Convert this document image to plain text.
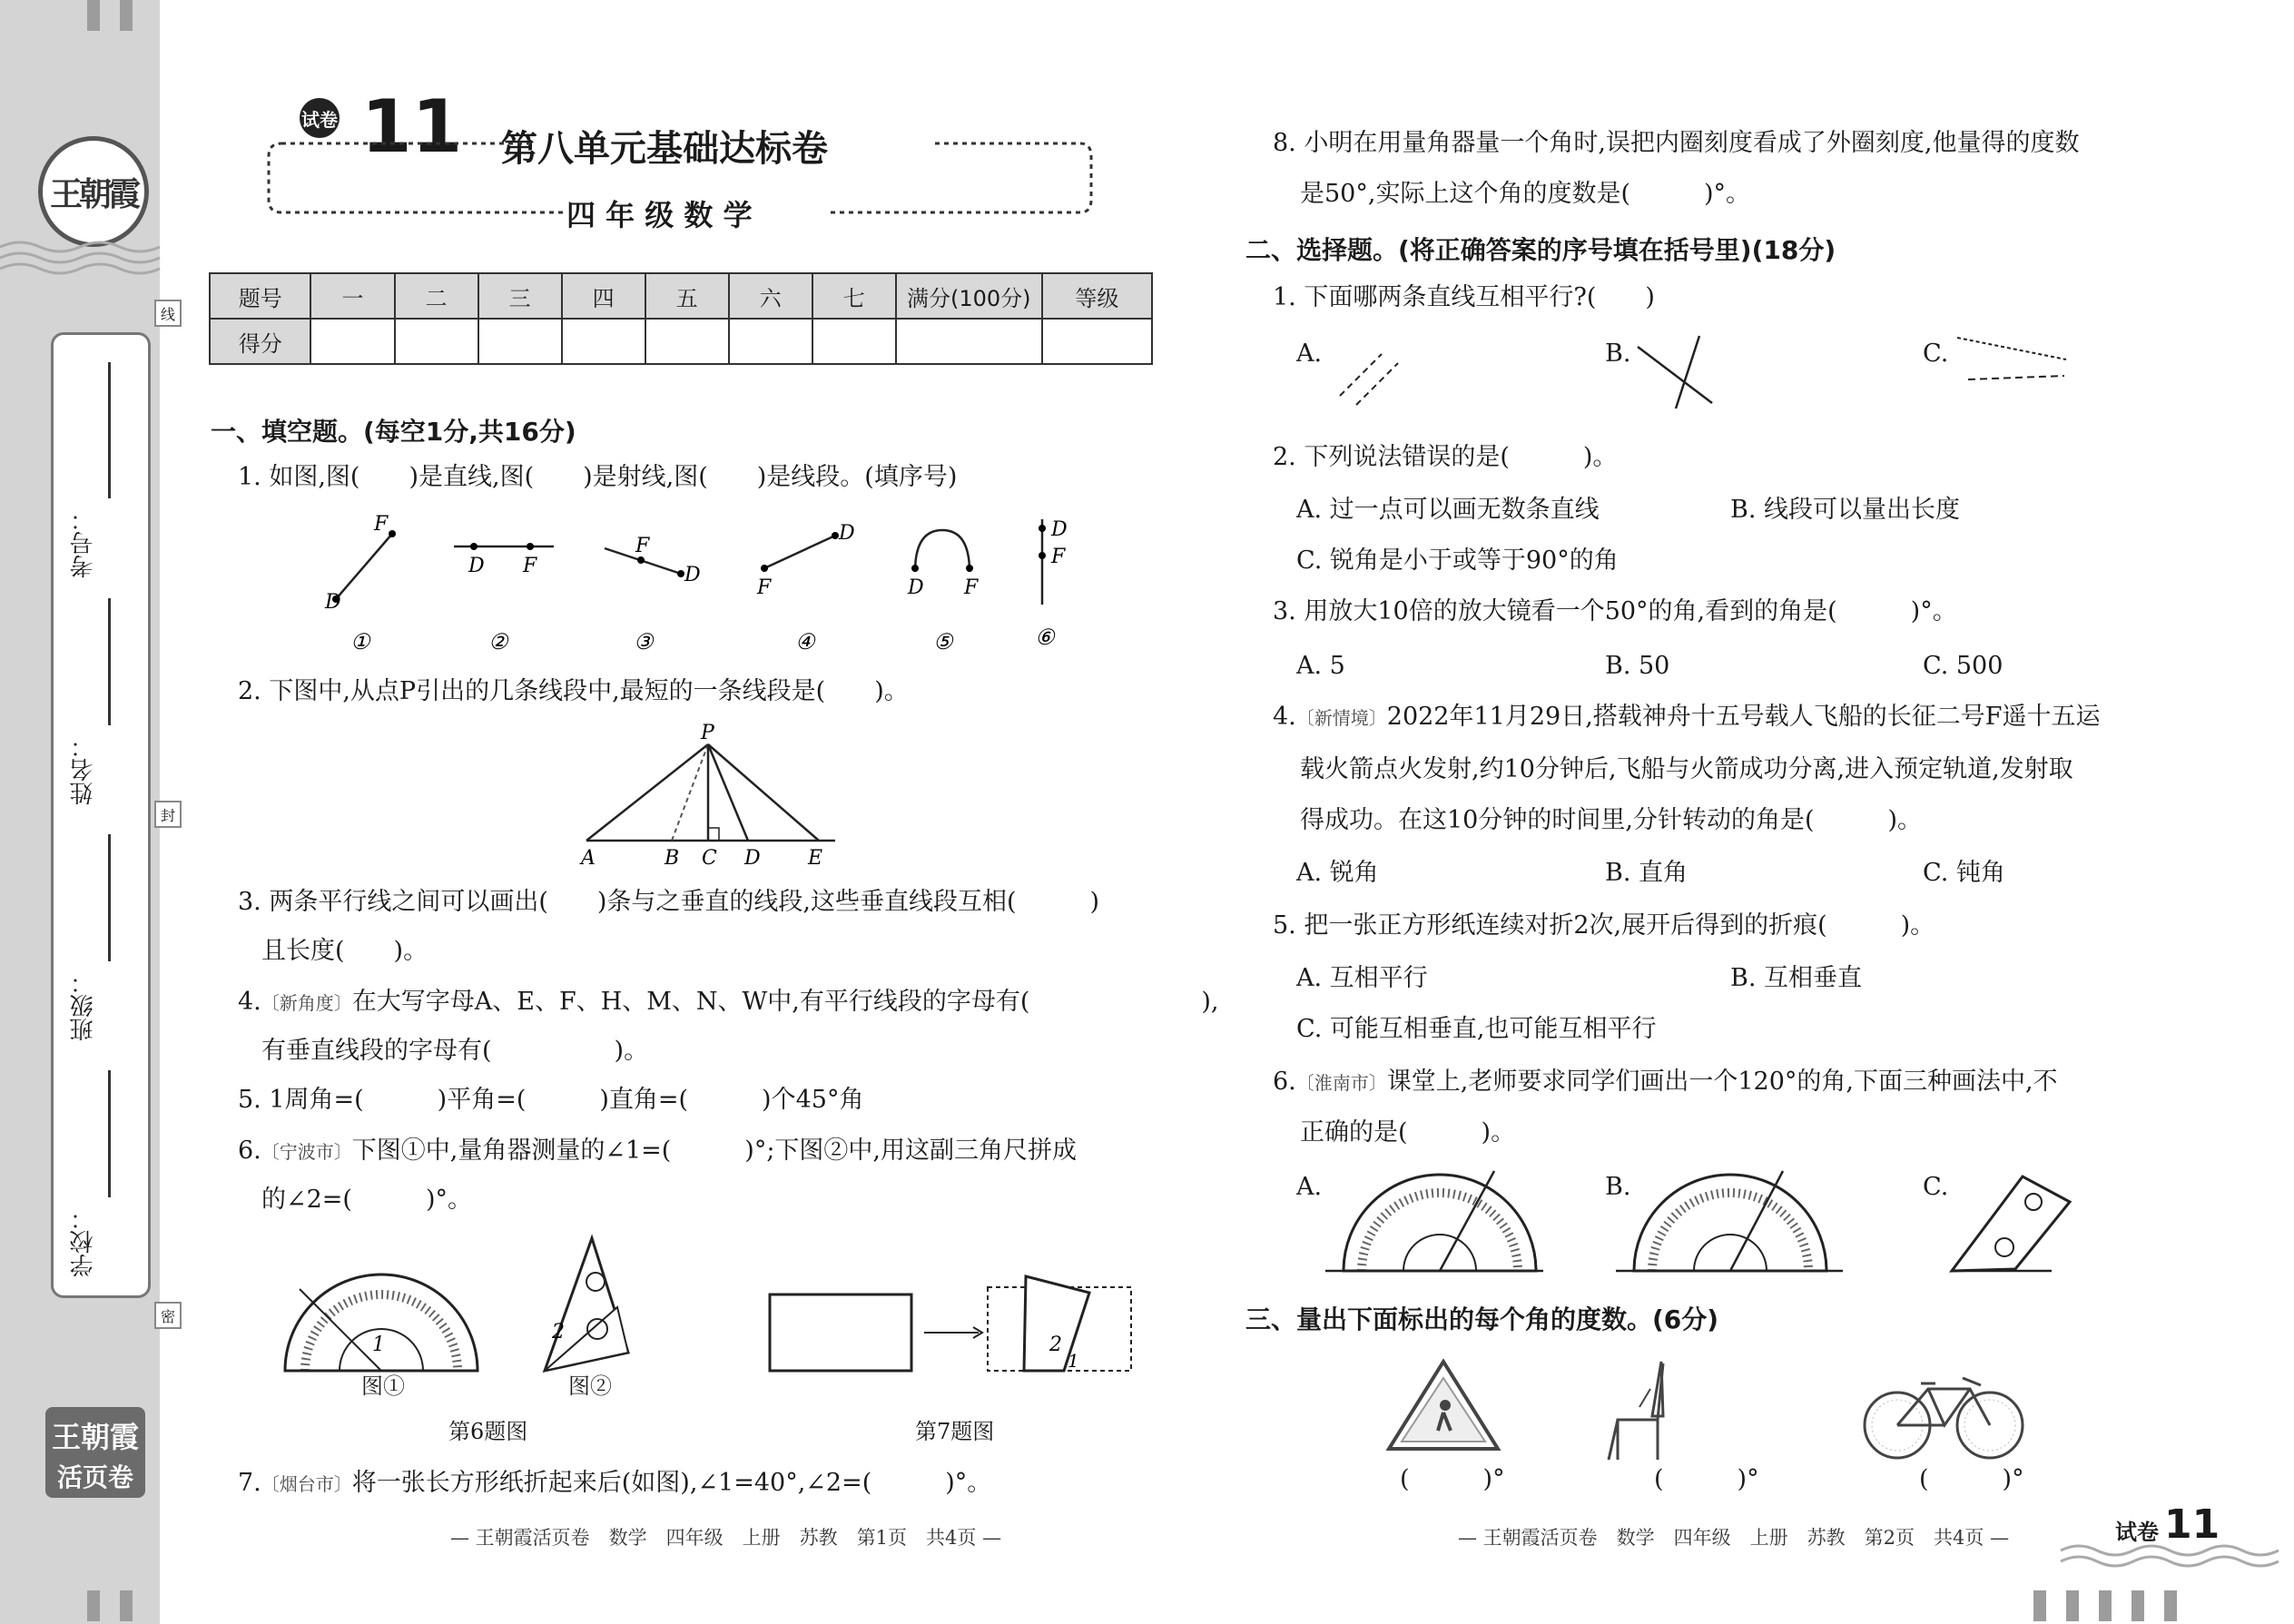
王朝霞
考号：
姓名：
班级：
学校：
线
封
密
王朝霞
活页卷
试卷 11 第八单元基础达标卷
四 年 级 数 学
题号	一	二	三	四	五	六	七	满分(100分)	等级
得分									
一、填空题。(每空1分,共16分)
1. 如图,图(　　)是直线,图(　　)是射线,图(　　)是线段。(填序号)
D
F
D F
F
D
F
D
D F
D
F
①	②	③	④	⑤	⑥
2. 下图中,从点P引出的几条线段中,最短的一条线段是(　　)。
P
A	B C D E
3. 两条平行线之间可以画出(　　)条与之垂直的线段,这些垂直线段互相(　　　)
且长度(　　)。
4.〔新角度〕在大写字母A、E、F、H、M、N、W中,有平行线段的字母有(　　　　　　　),
有垂直线段的字母有(　　　　　)。
5. 1周角=(　　　)平角=(　　　)直角=(　　　)个45°角
6.〔宁波市〕下图①中,量角器测量的∠1=(　　　)°;下图②中,用这副三角尺拼成
的∠2=(　　　)°。
1
2
2
1
图①	图②
第6题图	第7题图
7.〔烟台市〕将一张长方形纸折起来后(如图),∠1=40°,∠2=(　　　)°。
— 王朝霞活页卷　数学　四年级　上册　苏教　第1页　共4页 —
8. 小明在用量角器量一个角时,误把内圈刻度看成了外圈刻度,他量得的度数
是50°,实际上这个角的度数是(　　　)°。
二、选择题。(将正确答案的序号填在括号里)(18分)
1. 下面哪两条直线互相平行?(　　)
A.	B.	C.
2. 下列说法错误的是(　　　)。
A. 过一点可以画无数条直线	B. 线段可以量出长度
C. 锐角是小于或等于90°的角
3. 用放大10倍的放大镜看一个50°的角,看到的角是(　　　)°。
A. 5	B. 50	C. 500
4.〔新情境〕2022年11月29日,搭载神舟十五号载人飞船的长征二号F遥十五运
载火箭点火发射,约10分钟后,飞船与火箭成功分离,进入预定轨道,发射取
得成功。在这10分钟的时间里,分针转动的角是(　　　)。
A. 锐角	B. 直角	C. 钝角
5. 把一张正方形纸连续对折2次,展开后得到的折痕(　　　)。
A. 互相平行	B. 互相垂直
C. 可能互相垂直,也可能互相平行
6.〔淮南市〕课堂上,老师要求同学们画出一个120°的角,下面三种画法中,不
正确的是(　　　)。
A.	B.	C.
三、量出下面标出的每个角的度数。(6分)
(　　　)°	(　　　)°	(　　　)°
— 王朝霞活页卷　数学　四年级　上册　苏教　第2页　共4页 —	试卷 11
